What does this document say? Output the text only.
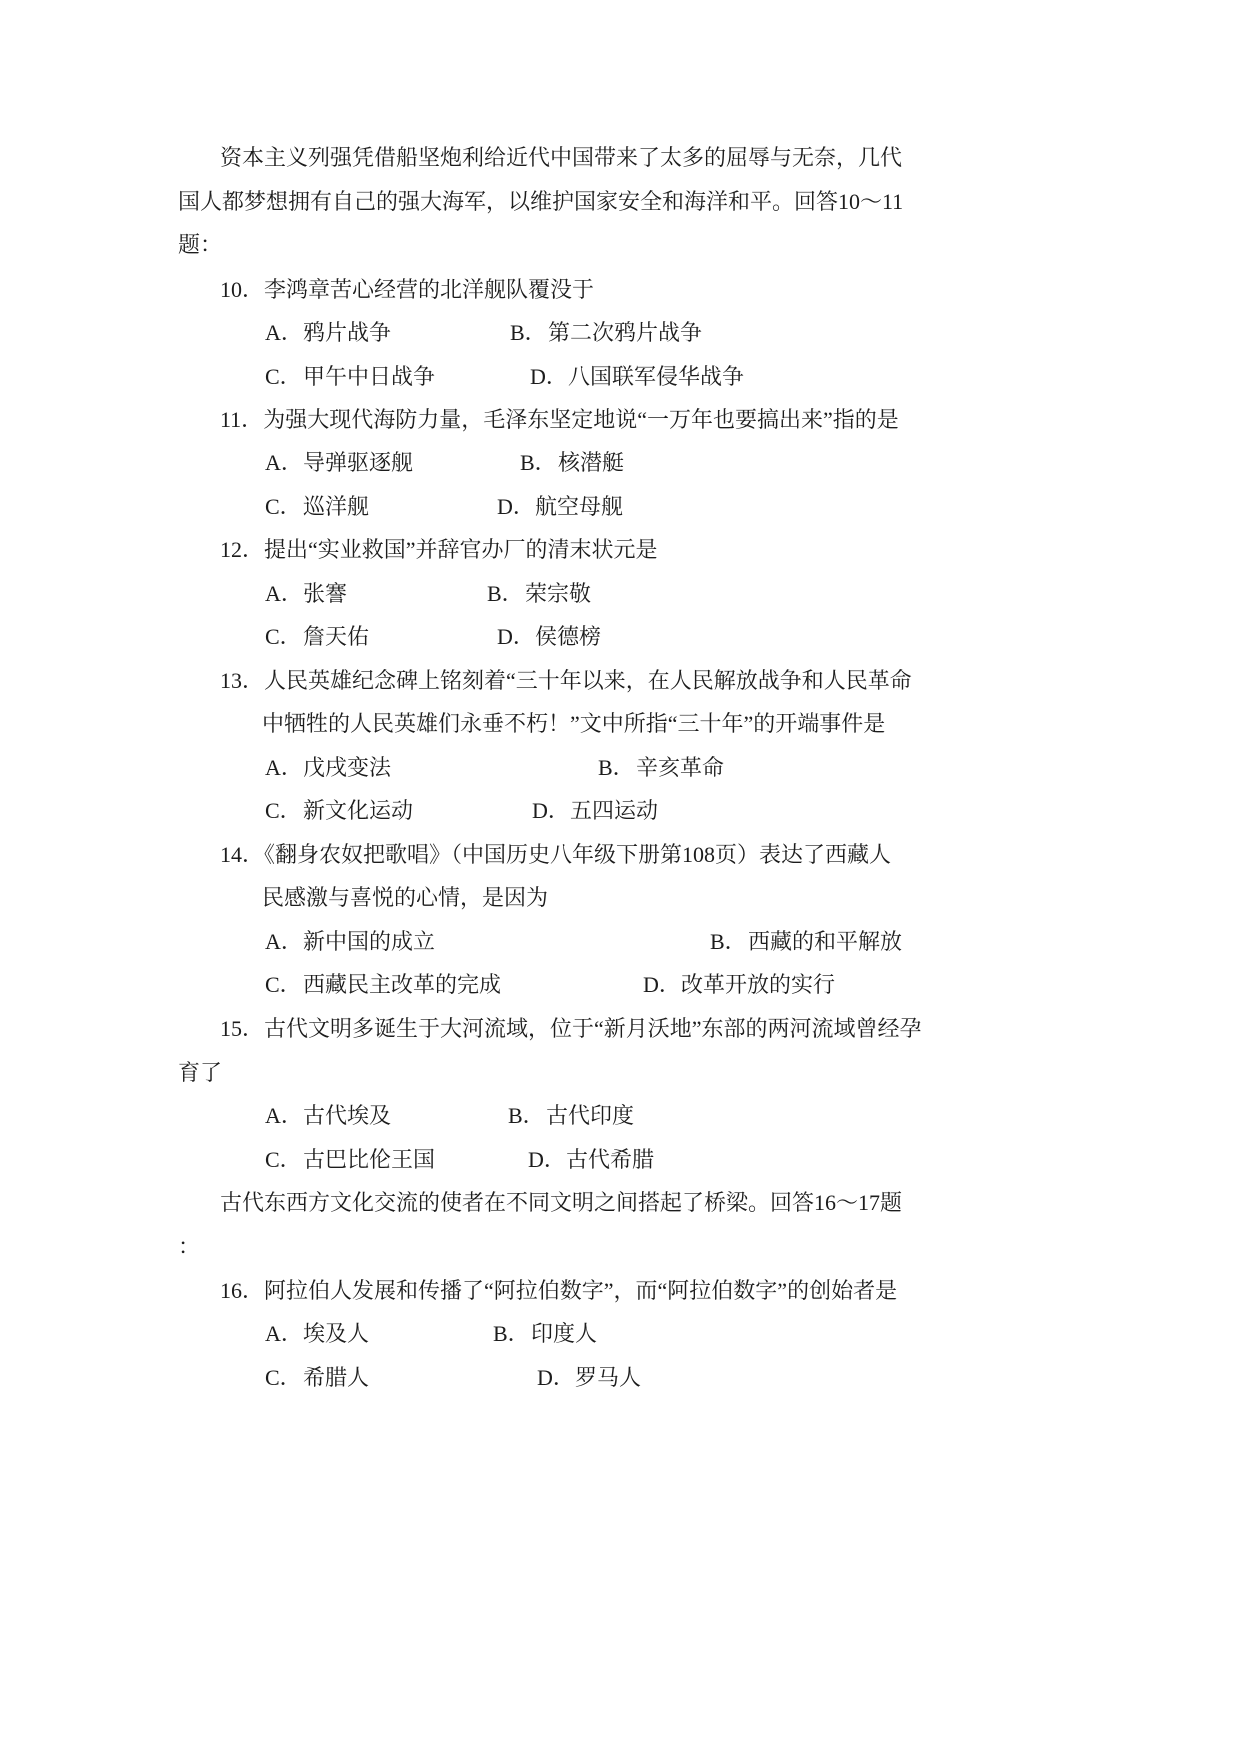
资本主义列强凭借船坚炮利给近代中国带来了太多的屈辱与无奈，几代
国人都梦想拥有自己的强大海军，以维护国家安全和海洋和平。回答10～11
题：
10．李鸿章苦心经营的北洋舰队覆没于
A．鸦片战争	B．第二次鸦片战争
C．甲午中日战争	D．八国联军侵华战争
11．为强大现代海防力量，毛泽东坚定地说“一万年也要搞出来”指的是
A．导弹驱逐舰	B．核潜艇
C．巡洋舰	D．航空母舰
12．提出“实业救国”并辞官办厂的清末状元是
A．张謇	B．荣宗敬
C．詹天佑	D．侯德榜
13．人民英雄纪念碑上铭刻着“三十年以来，在人民解放战争和人民革命
中牺牲的人民英雄们永垂不朽！”文中所指“三十年”的开端事件是
A．戊戌变法	B．辛亥革命
C．新文化运动	D．五四运动
14．《翻身农奴把歌唱》（中国历史八年级下册第108页）表达了西藏人
民感激与喜悦的心情，是因为
A．新中国的成立	B．西藏的和平解放
C．西藏民主改革的完成	D．改革开放的实行
15．古代文明多诞生于大河流域，位于“新月沃地”东部的两河流域曾经孕
育了
A．古代埃及	B．古代印度
C．古巴比伦王国	D．古代希腊
古代东西方文化交流的使者在不同文明之间搭起了桥梁。回答16～17题
：
16．阿拉伯人发展和传播了“阿拉伯数字”，而“阿拉伯数字”的创始者是
A．埃及人	B．印度人
C．希腊人	D．罗马人
